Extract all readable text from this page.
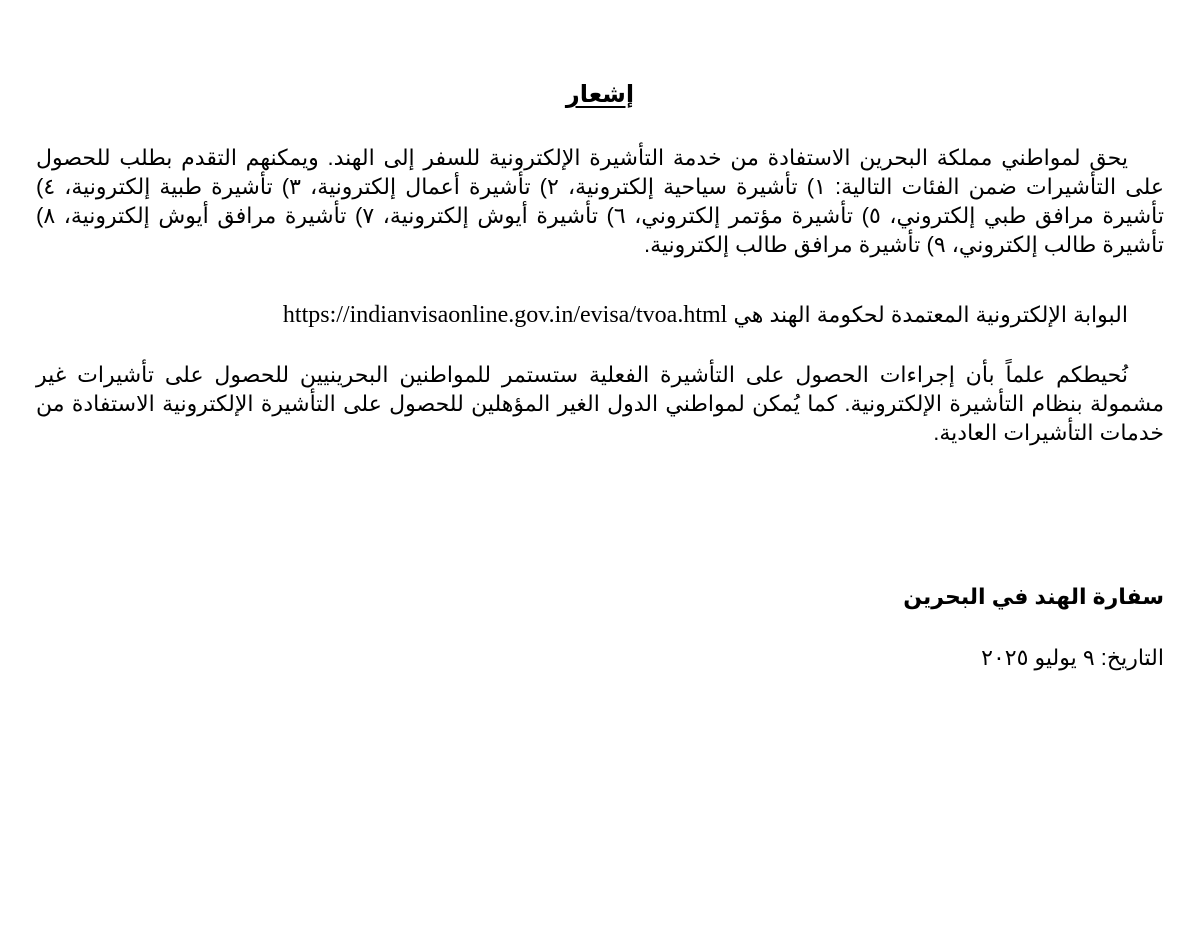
إشعار

يحق لمواطني مملكة البحرين الاستفادة من خدمة التأشيرة الإلكترونية للسفر إلى الهند. ويمكنهم التقدم بطلب للحصول على التأشيرات ضمن الفئات التالية: ١) تأشيرة سياحية إلكترونية، ٢) تأشيرة أعمال إلكترونية، ٣) تأشيرة طبية إلكترونية، ٤) تأشيرة مرافق طبي إلكتروني، ٥) تأشيرة مؤتمر إلكتروني، ٦) تأشيرة أيوش إلكترونية، ٧) تأشيرة مرافق أيوش إلكترونية، ٨) تأشيرة طالب إلكتروني، ٩) تأشيرة مرافق طالب إلكترونية.

البوابة الإلكترونية المعتمدة لحكومة الهند هي https://indianvisaonline.gov.in/evisa/tvoa.html

نُحيطكم علماً بأن إجراءات الحصول على التأشيرة الفعلية ستستمر للمواطنين البحرينيين للحصول على تأشيرات غير مشمولة بنظام التأشيرة الإلكترونية. كما يُمكن لمواطني الدول الغير المؤهلين للحصول على التأشيرة الإلكترونية الاستفادة من خدمات التأشيرات العادية.

سفارة الهند في البحرين
التاريخ: ٩ يوليو ٢٠٢٥
